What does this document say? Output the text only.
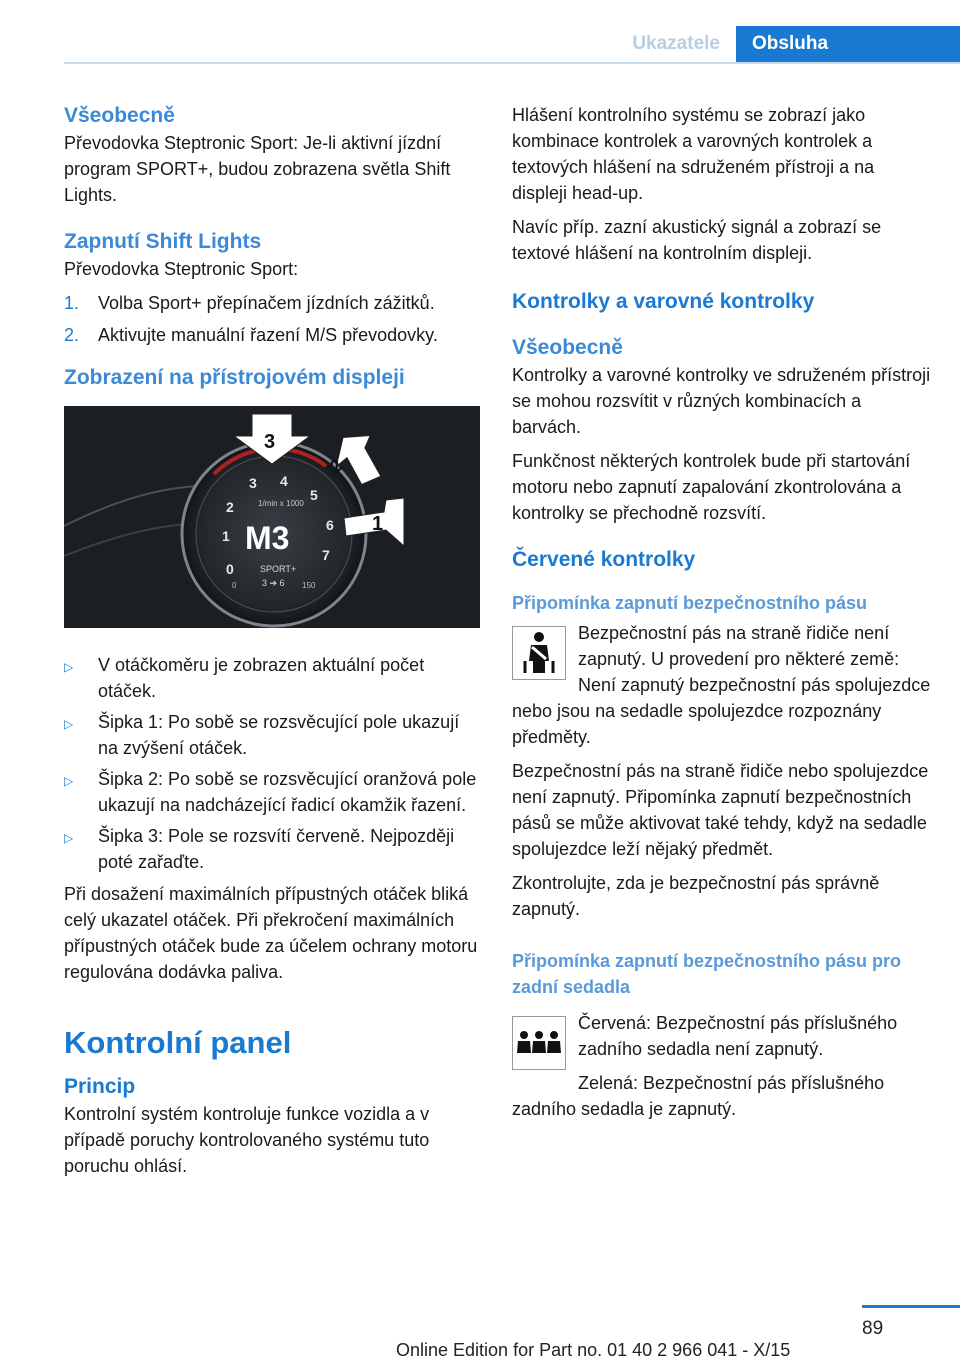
Ukazatele	Obsluha
Všeobecně

Převodovka Steptronic Sport: Je-li aktivní jízdní program SPORT+, budou zobrazena světla Shift Lights.

Zapnutí Shift Lights

Převodovka Steptronic Sport:

1.	Volba Sport+ přepínačem jízdních zážitků.
2.	Aktivujte manuální řazení M/S převodovky.
Zobrazení na přístrojovém displeji
0
1
2
3 4
5
6
7
1/min x 1000
M3
SPORT+
3 ➔ 6
0	150
3
2
1
▷	V otáčkoměru je zobrazen aktuální počet otáček.
▷	Šipka 1: Po sobě se rozsvěcující pole ukazují na zvýšení otáček.
▷	Šipka 2: Po sobě se rozsvěcující oranžová pole ukazují na nadcházející řadicí okamžik řazení.
▷	Šipka 3: Pole se rozsvítí červeně. Nejpozději poté zařaďte.

Při dosažení maximálních přípustných otáček bliká celý ukazatel otáček. Při překročení maximálních přípustných otáček bude za účelem ochrany motoru regulována dodávka paliva.

Kontrolní panel
Princip

Kontrolní systém kontroluje funkce vozidla a v případě poruchy kontrolovaného systému tuto poruchu ohlásí.

Hlášení kontrolního systému se zobrazí jako kombinace kontrolek a varovných kontrolek a textových hlášení na sdruženém přístroji a na displeji head-up.

Navíc příp. zazní akustický signál a zobrazí se textové hlášení na kontrolním displeji.

Kontrolky a varovné kontrolky
Všeobecně

Kontrolky a varovné kontrolky ve sdruženém přístroji se mohou rozsvítit v různých kombinacích a barvách.

Funkčnost některých kontrolek bude při startování motoru nebo zapnutí zapalování zkontrolována a kontrolky se přechodně rozsvítí.

Červené kontrolky
Připomínka zapnutí bezpečnostního pásu

Bezpečnostní pás na straně řidiče není zapnutý. U provedení pro některé země: Není zapnutý bezpečnostní pás spolujezdce nebo jsou na sedadle spolujezdce rozpoznány předměty.

Bezpečnostní pás na straně řidiče nebo spolujezdce není zapnutý. Připomínka zapnutí bezpečnostních pásů se může aktivovat také tehdy, když na sedadle spolujezdce leží nějaký předmět.

Zkontrolujte, zda je bezpečnostní pás správně zapnutý.

Připomínka zapnutí bezpečnostního pásu pro zadní sedadla

Červená: Bezpečnostní pás příslušného zadního sedadla není zapnutý.

Zelená: Bezpečnostní pás příslušného zadního sedadla je zapnutý.

89
Online Edition for Part no. 01 40 2 966 041 - X/15
